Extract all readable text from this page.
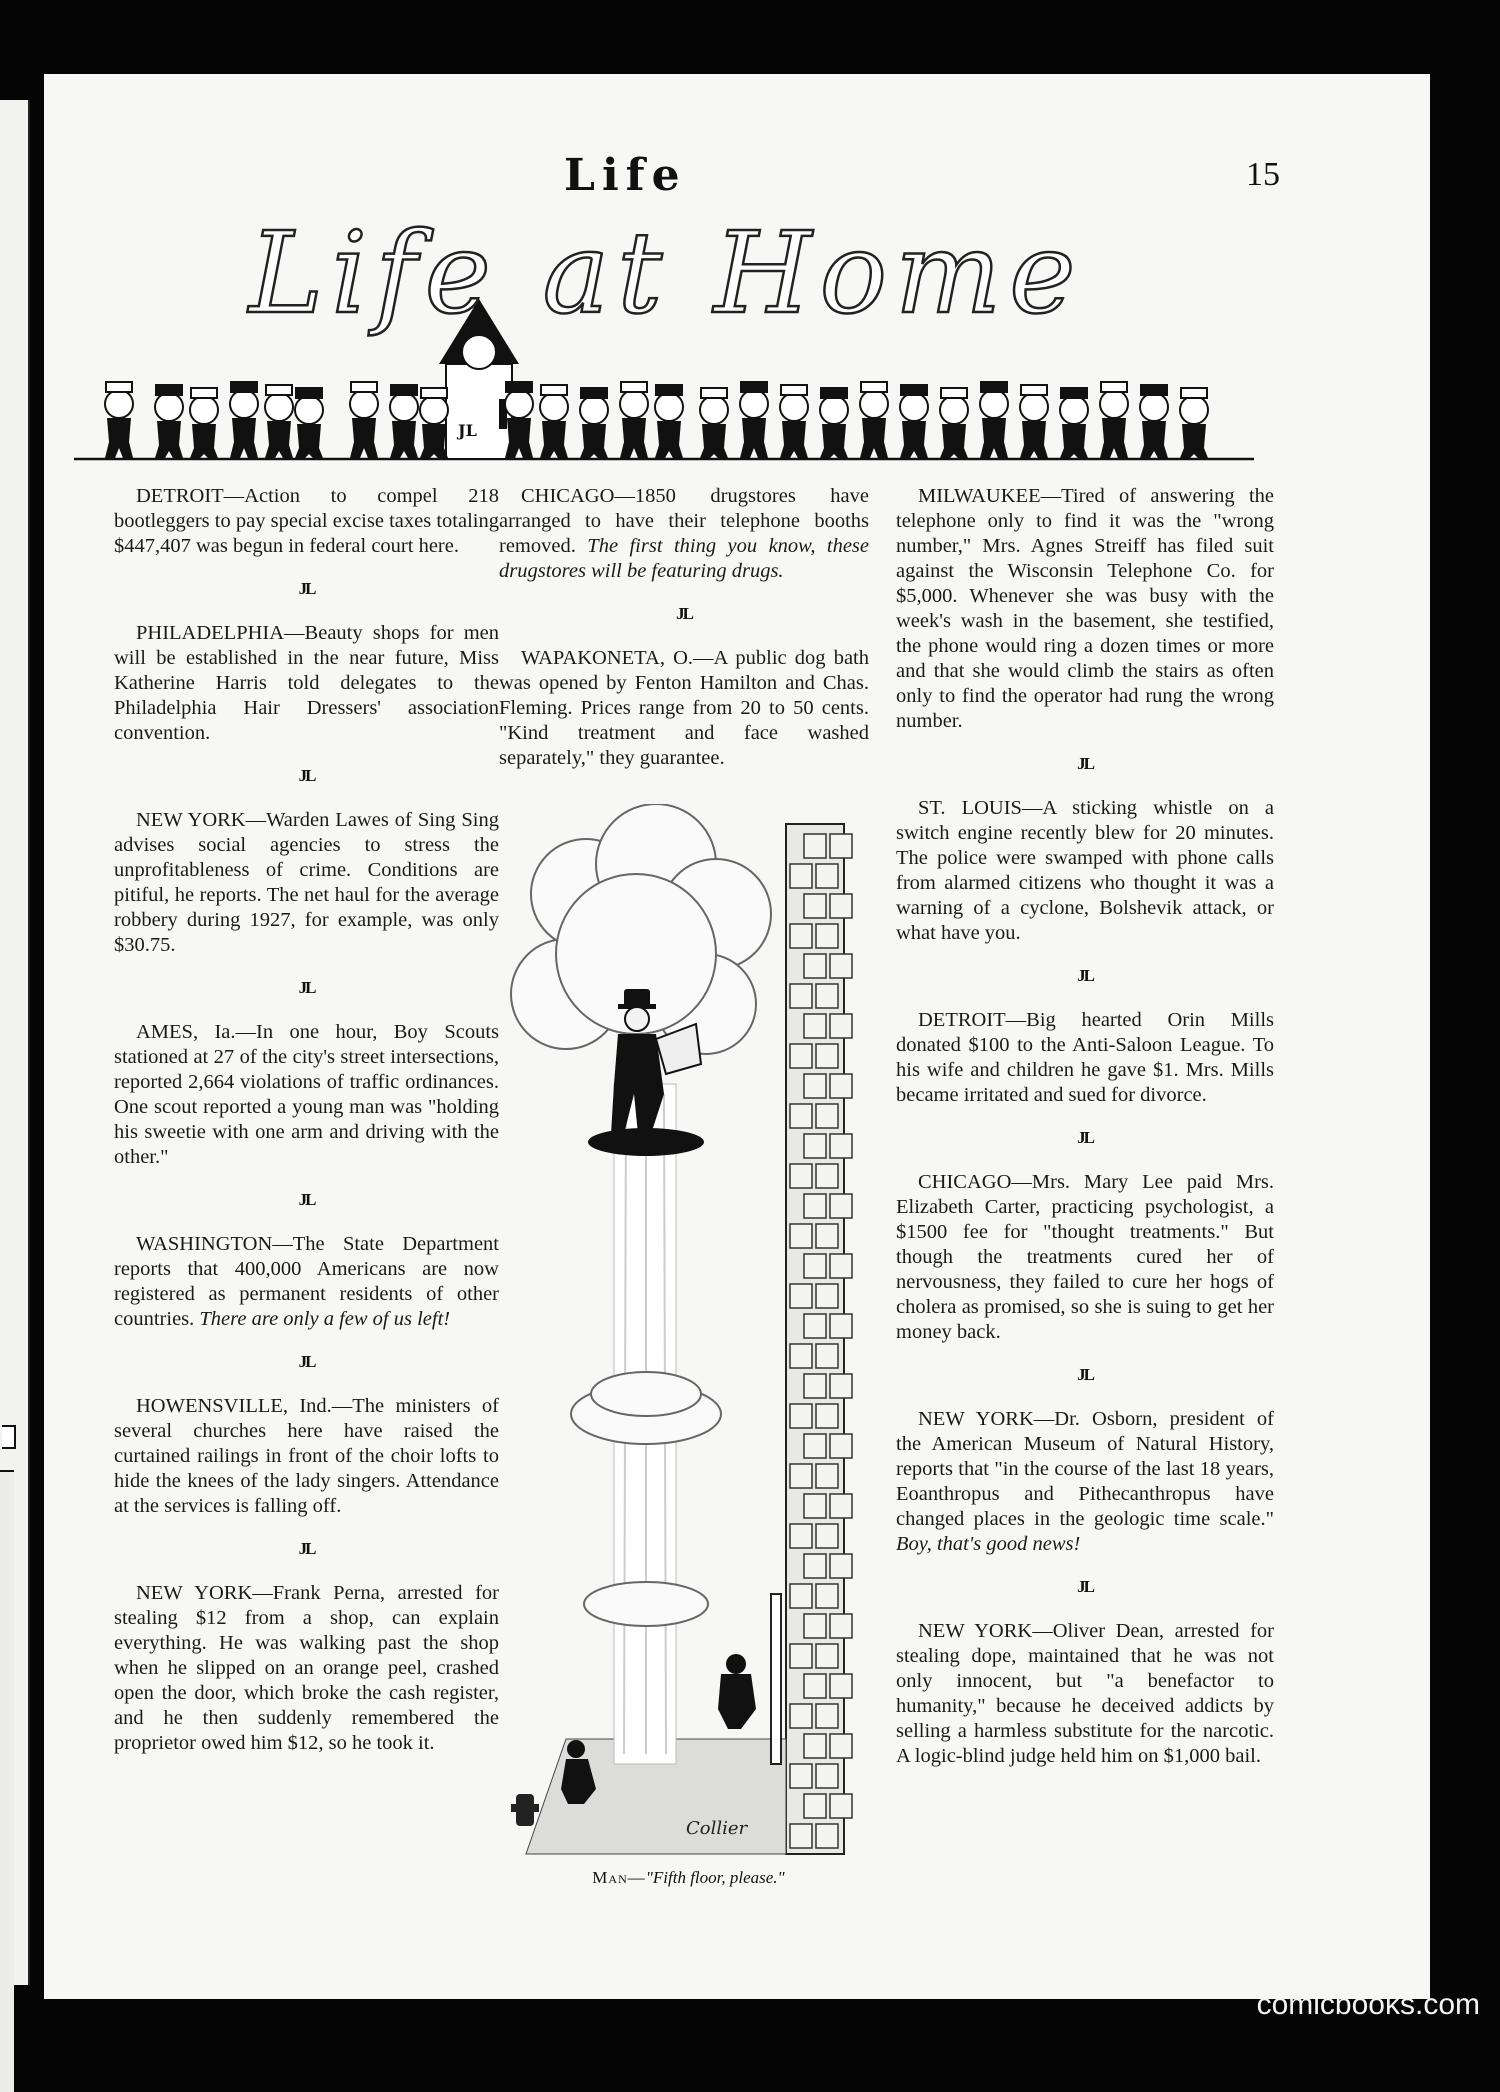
Life	15
JL
Life at Home

DETROIT—Action to compel 218 bootleggers to pay special excise taxes totaling $447,407 was begun in federal court here.

JL

PHILADELPHIA—Beauty shops for men will be established in the near future, Miss Katherine Harris told delegates to the Philadelphia Hair Dressers' association convention.

JL

NEW YORK—Warden Lawes of Sing Sing advises social agencies to stress the unprofitableness of crime. Conditions are pitiful, he reports. The net haul for the average robbery during 1927, for example, was only $30.75.

JL

AMES, Ia.—In one hour, Boy Scouts stationed at 27 of the city's street intersections, reported 2,664 violations of traffic ordinances. One scout reported a young man was "holding his sweetie with one arm and driving with the other."

JL

WASHINGTON—The State Department reports that 400,000 Americans are now registered as permanent residents of other countries. There are only a few of us left!

JL

HOWENSVILLE, Ind.—The ministers of several churches here have raised the curtained railings in front of the choir lofts to hide the knees of the lady singers. Attendance at the services is falling off.

JL

NEW YORK—Frank Perna, arrested for stealing $12 from a shop, can explain everything. He was walking past the shop when he slipped on an orange peel, crashed open the door, which broke the cash register, and he then suddenly remembered the proprietor owed him $12, so he took it.

CHICAGO—1850 drugstores have arranged to have their telephone booths removed. The first thing you know, these drugstores will be featuring drugs.

JL

WAPAKONETA, O.—A public dog bath was opened by Fenton Hamilton and Chas. Fleming. Prices range from 20 to 50 cents. "Kind treatment and face washed separately," they guarantee.

MILWAUKEE—Tired of answering the telephone only to find it was the "wrong number," Mrs. Agnes Streiff has filed suit against the Wisconsin Telephone Co. for $5,000. Whenever she was busy with the week's wash in the basement, she testified, the phone would ring a dozen times or more and that she would climb the stairs as often only to find the operator had rung the wrong number.

JL

ST. LOUIS—A sticking whistle on a switch engine recently blew for 20 minutes. The police were swamped with phone calls from alarmed citizens who thought it was a warning of a cyclone, Bolshevik attack, or what have you.

JL

DETROIT—Big hearted Orin Mills donated $100 to the Anti-Saloon League. To his wife and children he gave $1. Mrs. Mills became irritated and sued for divorce.

JL

CHICAGO—Mrs. Mary Lee paid Mrs. Elizabeth Carter, practicing psychologist, a $1500 fee for "thought treatments." But though the treatments cured her of nervousness, they failed to cure her hogs of cholera as promised, so she is suing to get her money back.

JL

NEW YORK—Dr. Osborn, president of the American Museum of Natural History, reports that "in the course of the last 18 years, Eoanthropus and Pithecanthropus have changed places in the geologic time scale." Boy, that's good news!

JL

NEW YORK—Oliver Dean, arrested for stealing dope, maintained that he was not only innocent, but "a benefactor to humanity," because he deceived addicts by selling a harmless substitute for the narcotic. A logic-blind judge held him on $1,000 bail.

Collier
Man—"Fifth floor, please."
comicbooks.com
